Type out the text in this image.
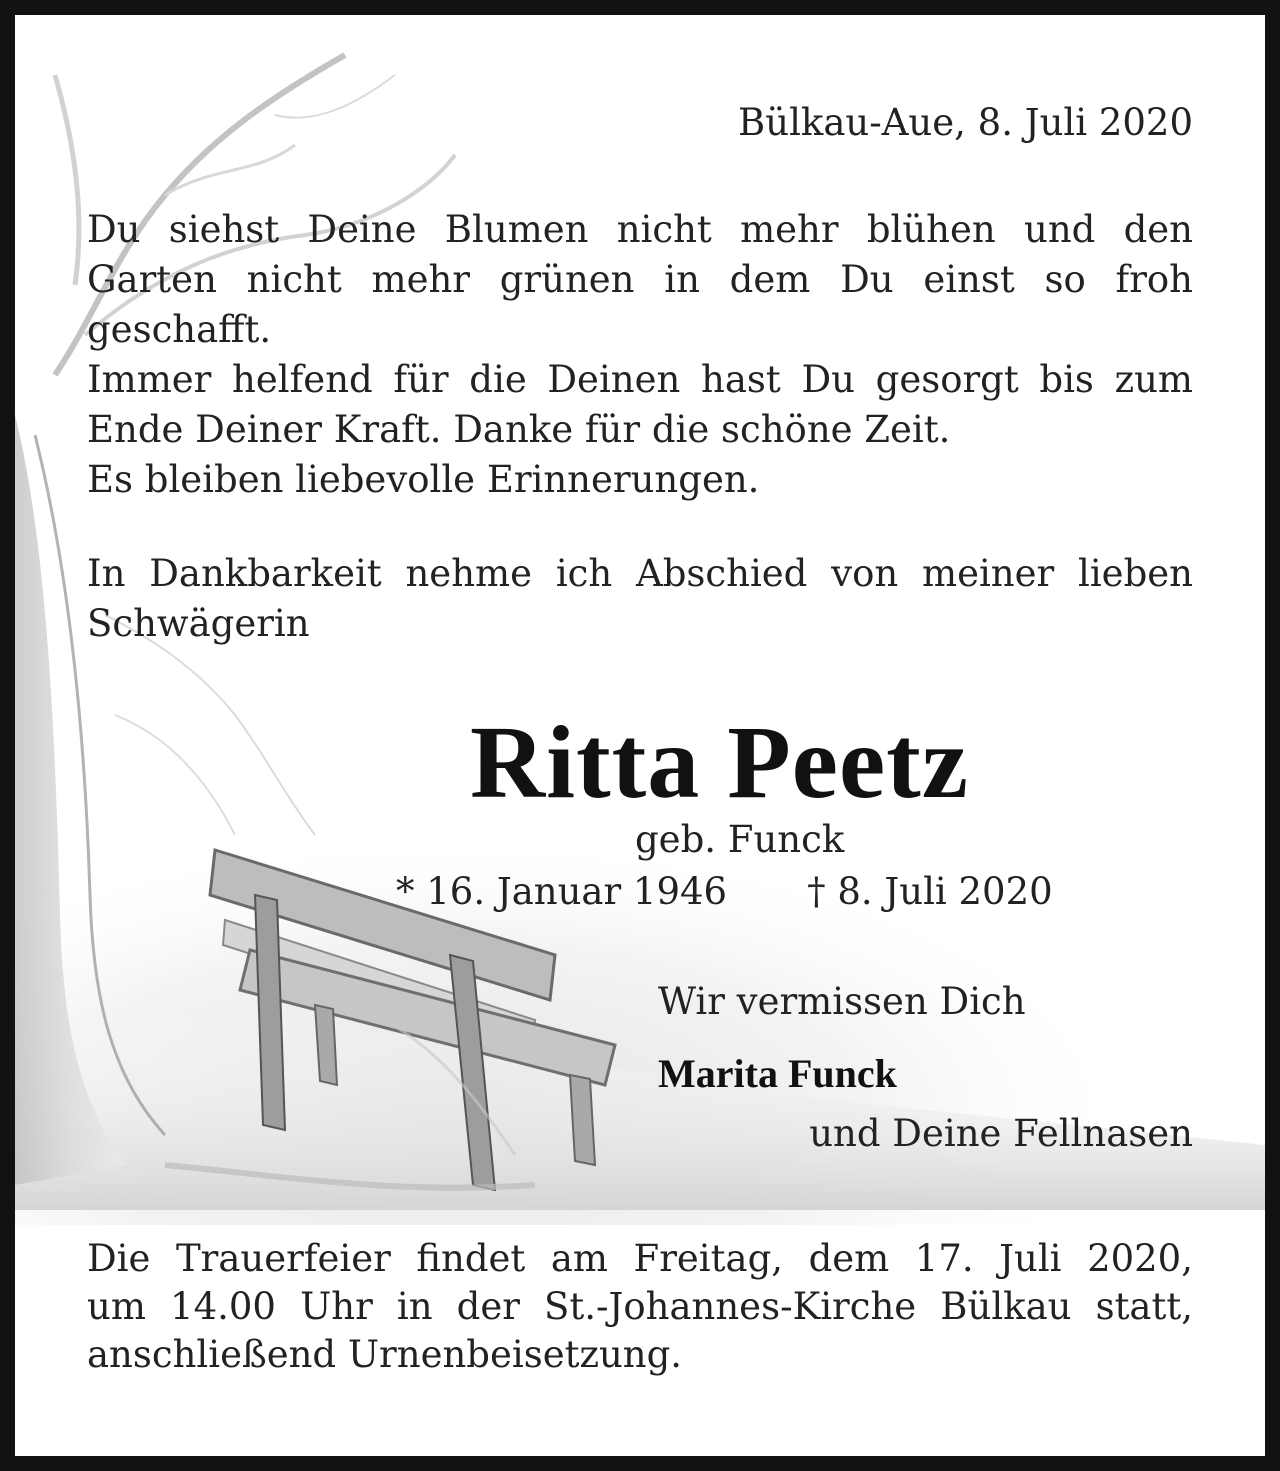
Bülkau-Aue, 8. Juli 2020

Du siehst Deine Blumen nicht mehr blühen und den

Garten nicht mehr grünen in dem Du einst so froh

geschafft.

Immer helfend für die Deinen hast Du gesorgt bis zum

Ende Deiner Kraft. Danke für die schöne Zeit.

Es bleiben liebevolle Erinnerungen.

In Dankbarkeit nehme ich Abschied von meiner lieben
Schwägerin
Ritta Peetz
geb. Funck
* 16. Januar 1946 † 8. Juli 2020
Wir vermissen Dich
Marita Funck
und Deine Fellnasen
Die Trauerfeier findet am Freitag, dem 17. Juli 2020,
um 14.00 Uhr in der St.-Johannes-Kirche Bülkau statt,
anschließend Urnenbeisetzung.
